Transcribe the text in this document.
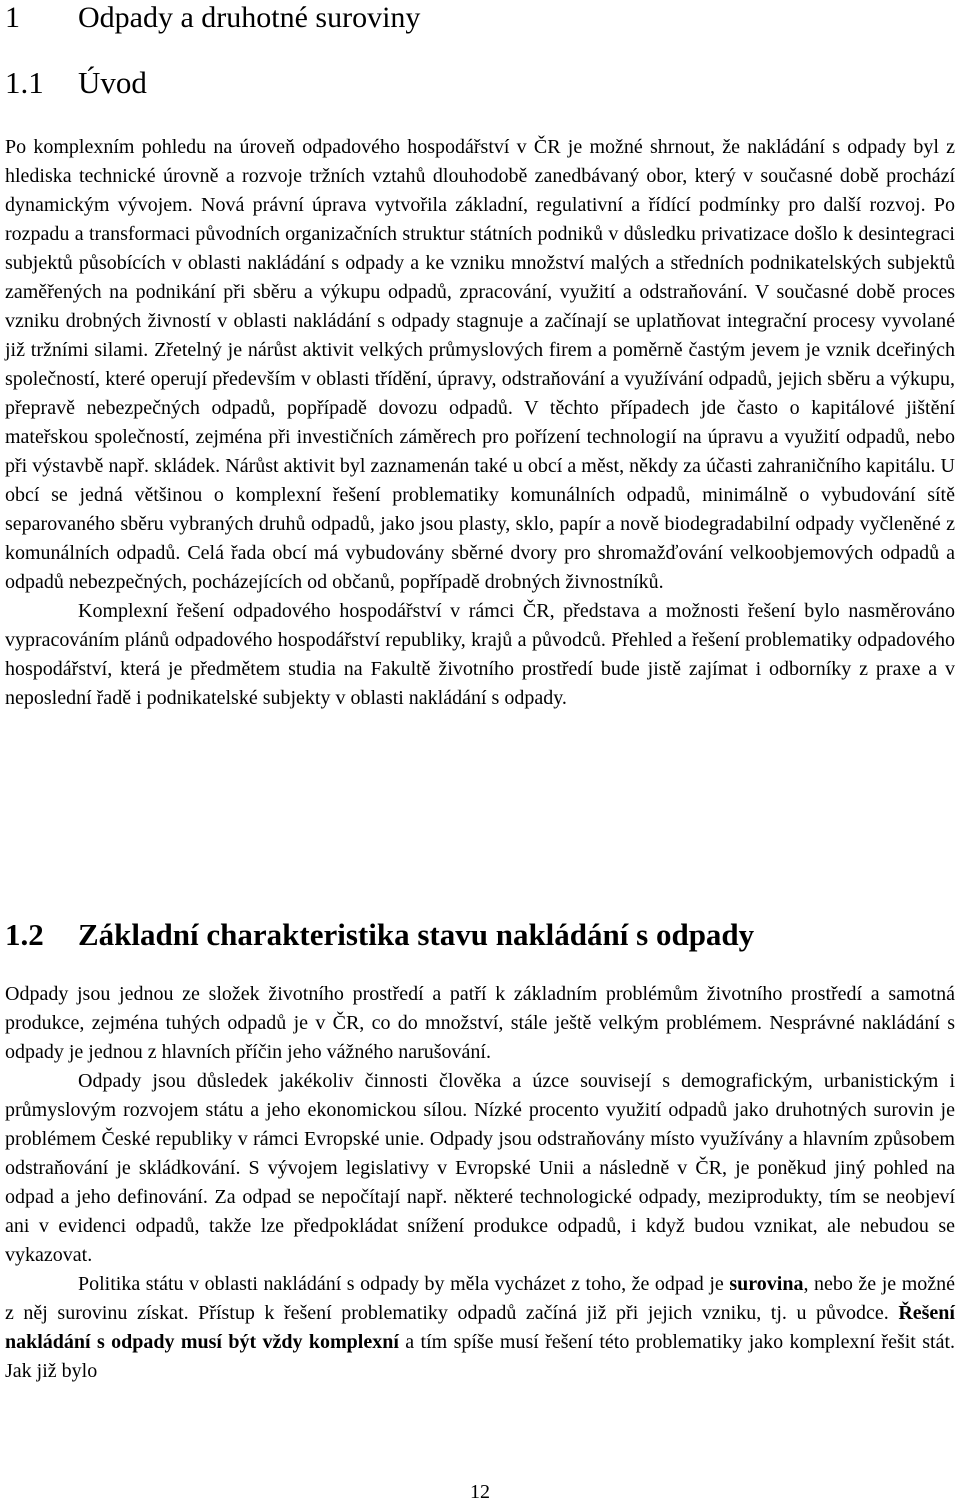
1 Odpady a druhotné suroviny
1.1 Úvod

Po komplexním pohledu na úroveň odpadového hospodářství v ČR je možné shrnout, že nakládání s odpady byl z hlediska technické úrovně a rozvoje tržních vztahů dlouhodobě zanedbávaný obor, který v současné době prochází dynamickým vývojem. Nová právní úprava vytvořila základní, regulativní a řídící podmínky pro další rozvoj. Po rozpadu a transformaci původních organizačních struktur státních podniků v důsledku privatizace došlo k desintegraci subjektů působících v oblasti nakládání s odpady a ke vzniku množství malých a středních podnikatelských subjektů zaměřených na podnikání při sběru a výkupu odpadů, zpracování, využití a odstraňování. V současné době proces vzniku drobných živností v oblasti nakládání s odpady stagnuje a začínají se uplatňovat integrační procesy vyvolané již tržními silami. Zřetelný je nárůst aktivit velkých průmyslových firem a poměrně častým jevem je vznik dceřiných společností, které operují především v oblasti třídění, úpravy, odstraňování a využívání odpadů, jejich sběru a výkupu, přepravě nebezpečných odpadů, popřípadě dovozu odpadů. V těchto případech jde často o kapitálové jištění mateřskou společností, zejména při investičních záměrech pro pořízení technologií na úpravu a využití odpadů, nebo při výstavbě např. skládek. Nárůst aktivit byl zaznamenán také u obcí a měst, někdy za účasti zahraničního kapitálu. U obcí se jedná většinou o komplexní řešení problematiky komunálních odpadů, minimálně o vybudování sítě separovaného sběru vybraných druhů odpadů, jako jsou plasty, sklo, papír a nově biodegradabilní odpady vyčleněné z komunálních odpadů. Celá řada obcí má vybudovány sběrné dvory pro shromažďování velkoobjemových odpadů a odpadů nebezpečných, pocházejících od občanů, popřípadě drobných živnostníků.

Komplexní řešení odpadového hospodářství v rámci ČR, představa a možnosti řešení bylo nasměrováno vypracováním plánů odpadového hospodářství republiky, krajů a původců. Přehled a řešení problematiky odpadového hospodářství, která je předmětem studia na Fakultě životního prostředí bude jistě zajímat i odborníky z praxe a v neposlední řadě i podnikatelské subjekty v oblasti nakládání s odpady.

1.2 Základní charakteristika stavu nakládání s odpady

Odpady jsou jednou ze složek životního prostředí a patří k základním problémům životního prostředí a samotná produkce, zejména tuhých odpadů je v ČR, co do množství, stále ještě velkým problémem. Nesprávné nakládání s odpady je jednou z hlavních příčin jeho vážného narušování.

Odpady jsou důsledek jakékoliv činnosti člověka a úzce souvisejí s demografickým, urbanistickým i průmyslovým rozvojem státu a jeho ekonomickou sílou. Nízké procento využití odpadů jako druhotných surovin je problémem České republiky v rámci Evropské unie. Odpady jsou odstraňovány místo využívány a hlavním způsobem odstraňování je skládkování. S vývojem legislativy v Evropské Unii a následně v ČR, je poněkud jiný pohled na odpad a jeho definování. Za odpad se nepočítají např. některé technologické odpady, meziprodukty, tím se neobjeví ani v evidenci odpadů, takže lze předpokládat snížení produkce odpadů, i když budou vznikat, ale nebudou se vykazovat.

Politika státu v oblasti nakládání s odpady by měla vycházet z toho, že odpad je surovina, nebo že je možné z něj surovinu získat. Přístup k řešení problematiky odpadů začíná již při jejich vzniku, tj. u původce. Řešení nakládání s odpady musí být vždy komplexní a tím spíše musí řešení této problematiky jako komplexní řešit stát. Jak již bylo

12
